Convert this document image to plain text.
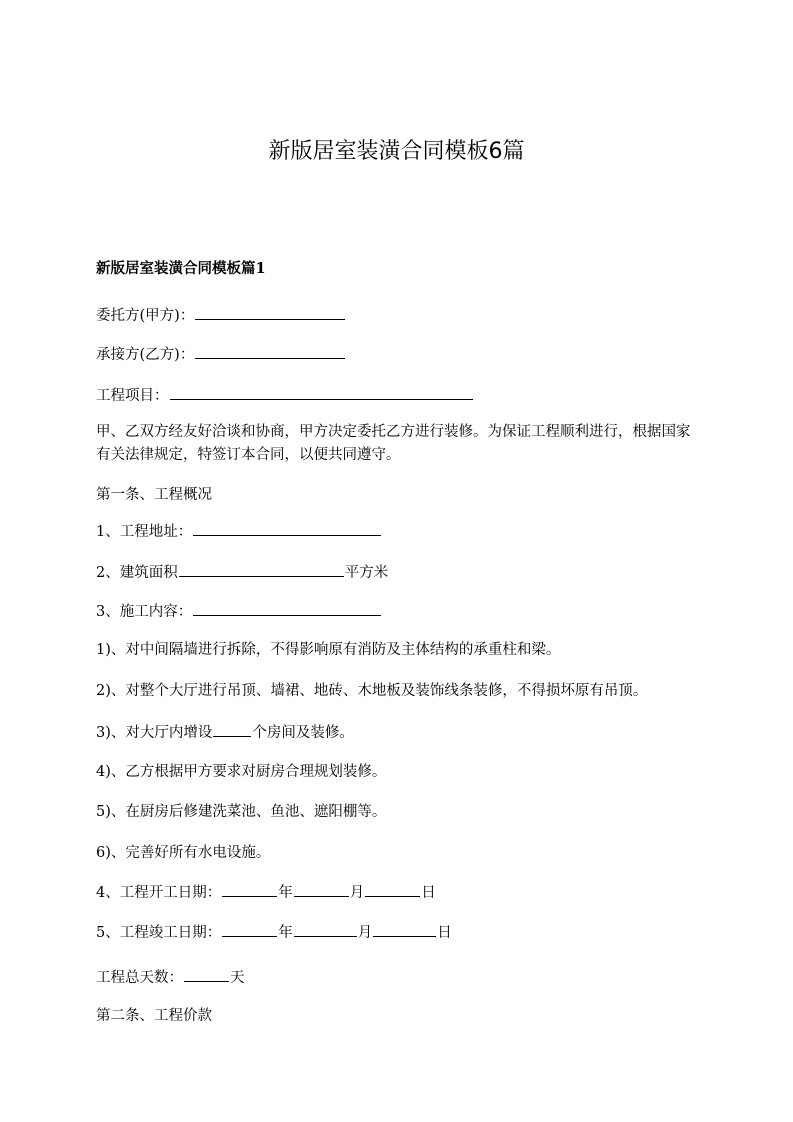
新版居室装潢合同模板6篇
新版居室装潢合同模板篇1
委托方(甲方)：
承接方(乙方)：
工程项目：
甲、乙双方经友好洽谈和协商，甲方决定委托乙方进行装修。为保证工程顺利进行，根据国家有关法律规定，特签订本合同，以便共同遵守。
第一条、工程概况
1、工程地址：
2、建筑面积	平方米
3、施工内容：
1)、对中间隔墙进行拆除，不得影响原有消防及主体结构的承重柱和梁。
2)、对整个大厅进行吊顶、墙裙、地砖、木地板及装饰线条装修，不得损坏原有吊顶。
3)、对大厅内增设	个房间及装修。
4)、乙方根据甲方要求对厨房合理规划装修。
5)、在厨房后修建洗菜池、鱼池、遮阳棚等。
6)、完善好所有水电设施。
4、工程开工日期：	年	月	日
5、工程竣工日期：	年	月	日
工程总天数：	天
第二条、工程价款
